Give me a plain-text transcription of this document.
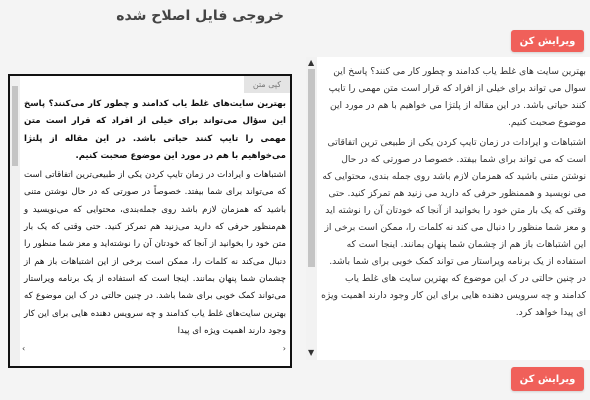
خروجی فایل اصلاح شده
ویرایش کن
▲
▼

بهترین سایت های غلط یاب کدامند و چطور کار می کنند؟ پاسخ این سوال می تواند برای خیلی از افراد که قرار است متن مهمی را تایپ کنند حیاتی باشد. در این مقاله از پلتژا می خواهیم با هم در مورد این موضوع صحبت کنیم.

اشتباهات و ایرادات در زمان تایپ کردن یکی از طبیعی ترین اتفاقاتی است که می تواند برای شما بیفتد. خصوصا در صورتی که در حال نوشتن متنی باشید که همزمان لازم باشد روی جمله بندی، محتوایی که می نویسید و هممنظور حرفی که دارید می زنید هم تمرکز کنید. حتی وقتی که یک بار متن خود را بخوانید از آنجا که خودتان آن را نوشته اید و معز شما منظور را دنبال می کند نه کلمات را، ممکن است برخی از این اشتباهات باز هم از چشمان شما پنهان بمانند. اینجا است که استفاده از یک برنامه ویراستار می تواند کمک خوبی برای شما باشد. در چنین حالتی در ک این موضوع که بهترین سایت های غلط یاب کدامند و چه سرویس دهنده هایی برای این کار وجود دارند اهمیت ویژه ای پیدا خواهد کرد.

کپی متن

بهترین سایت‌های غلط یاب کدامند و چطور کار می‌کنند؟ پاسخ این سؤال می‌تواند برای خیلی از افراد که قرار است متن مهمی را تایپ کنند حیاتی باشد. در این مقاله از پلتژا می‌خواهیم با هم در مورد این موضوع صحبت کنیم.

اشتباهات و ایرادات در زمان تایپ کردن یکی از طبیعی‌ترین اتفاقاتی است که می‌تواند برای شما بیفتد. خصوصاً در صورتی که در حال نوشتن متنی باشید که همزمان لازم باشد روی جمله‌بندی، محتوایی که می‌نویسید و هم‌منظور حرفی که دارید می‌زنید هم تمرکز کنید. حتی وقتی که یک بار متن خود را بخوانید از آنجا که خودتان آن را نوشته‌اید و معز شما منظور را دنبال می‌کند نه کلمات را، ممکن است برخی از این اشتباهات باز هم از چشمان شما پنهان بمانند. اینجا است که استفاده از یک برنامه ویراستار می‌تواند کمک خوبی برای شما باشد. در چنین حالتی در ک این موضوع که بهترین سایت‌های غلط یاب کدامند و چه سرویس دهنده هایی برای این کار وجود دارند اهمیت ویژه ای پیدا

‹	›
ویرایش کن
